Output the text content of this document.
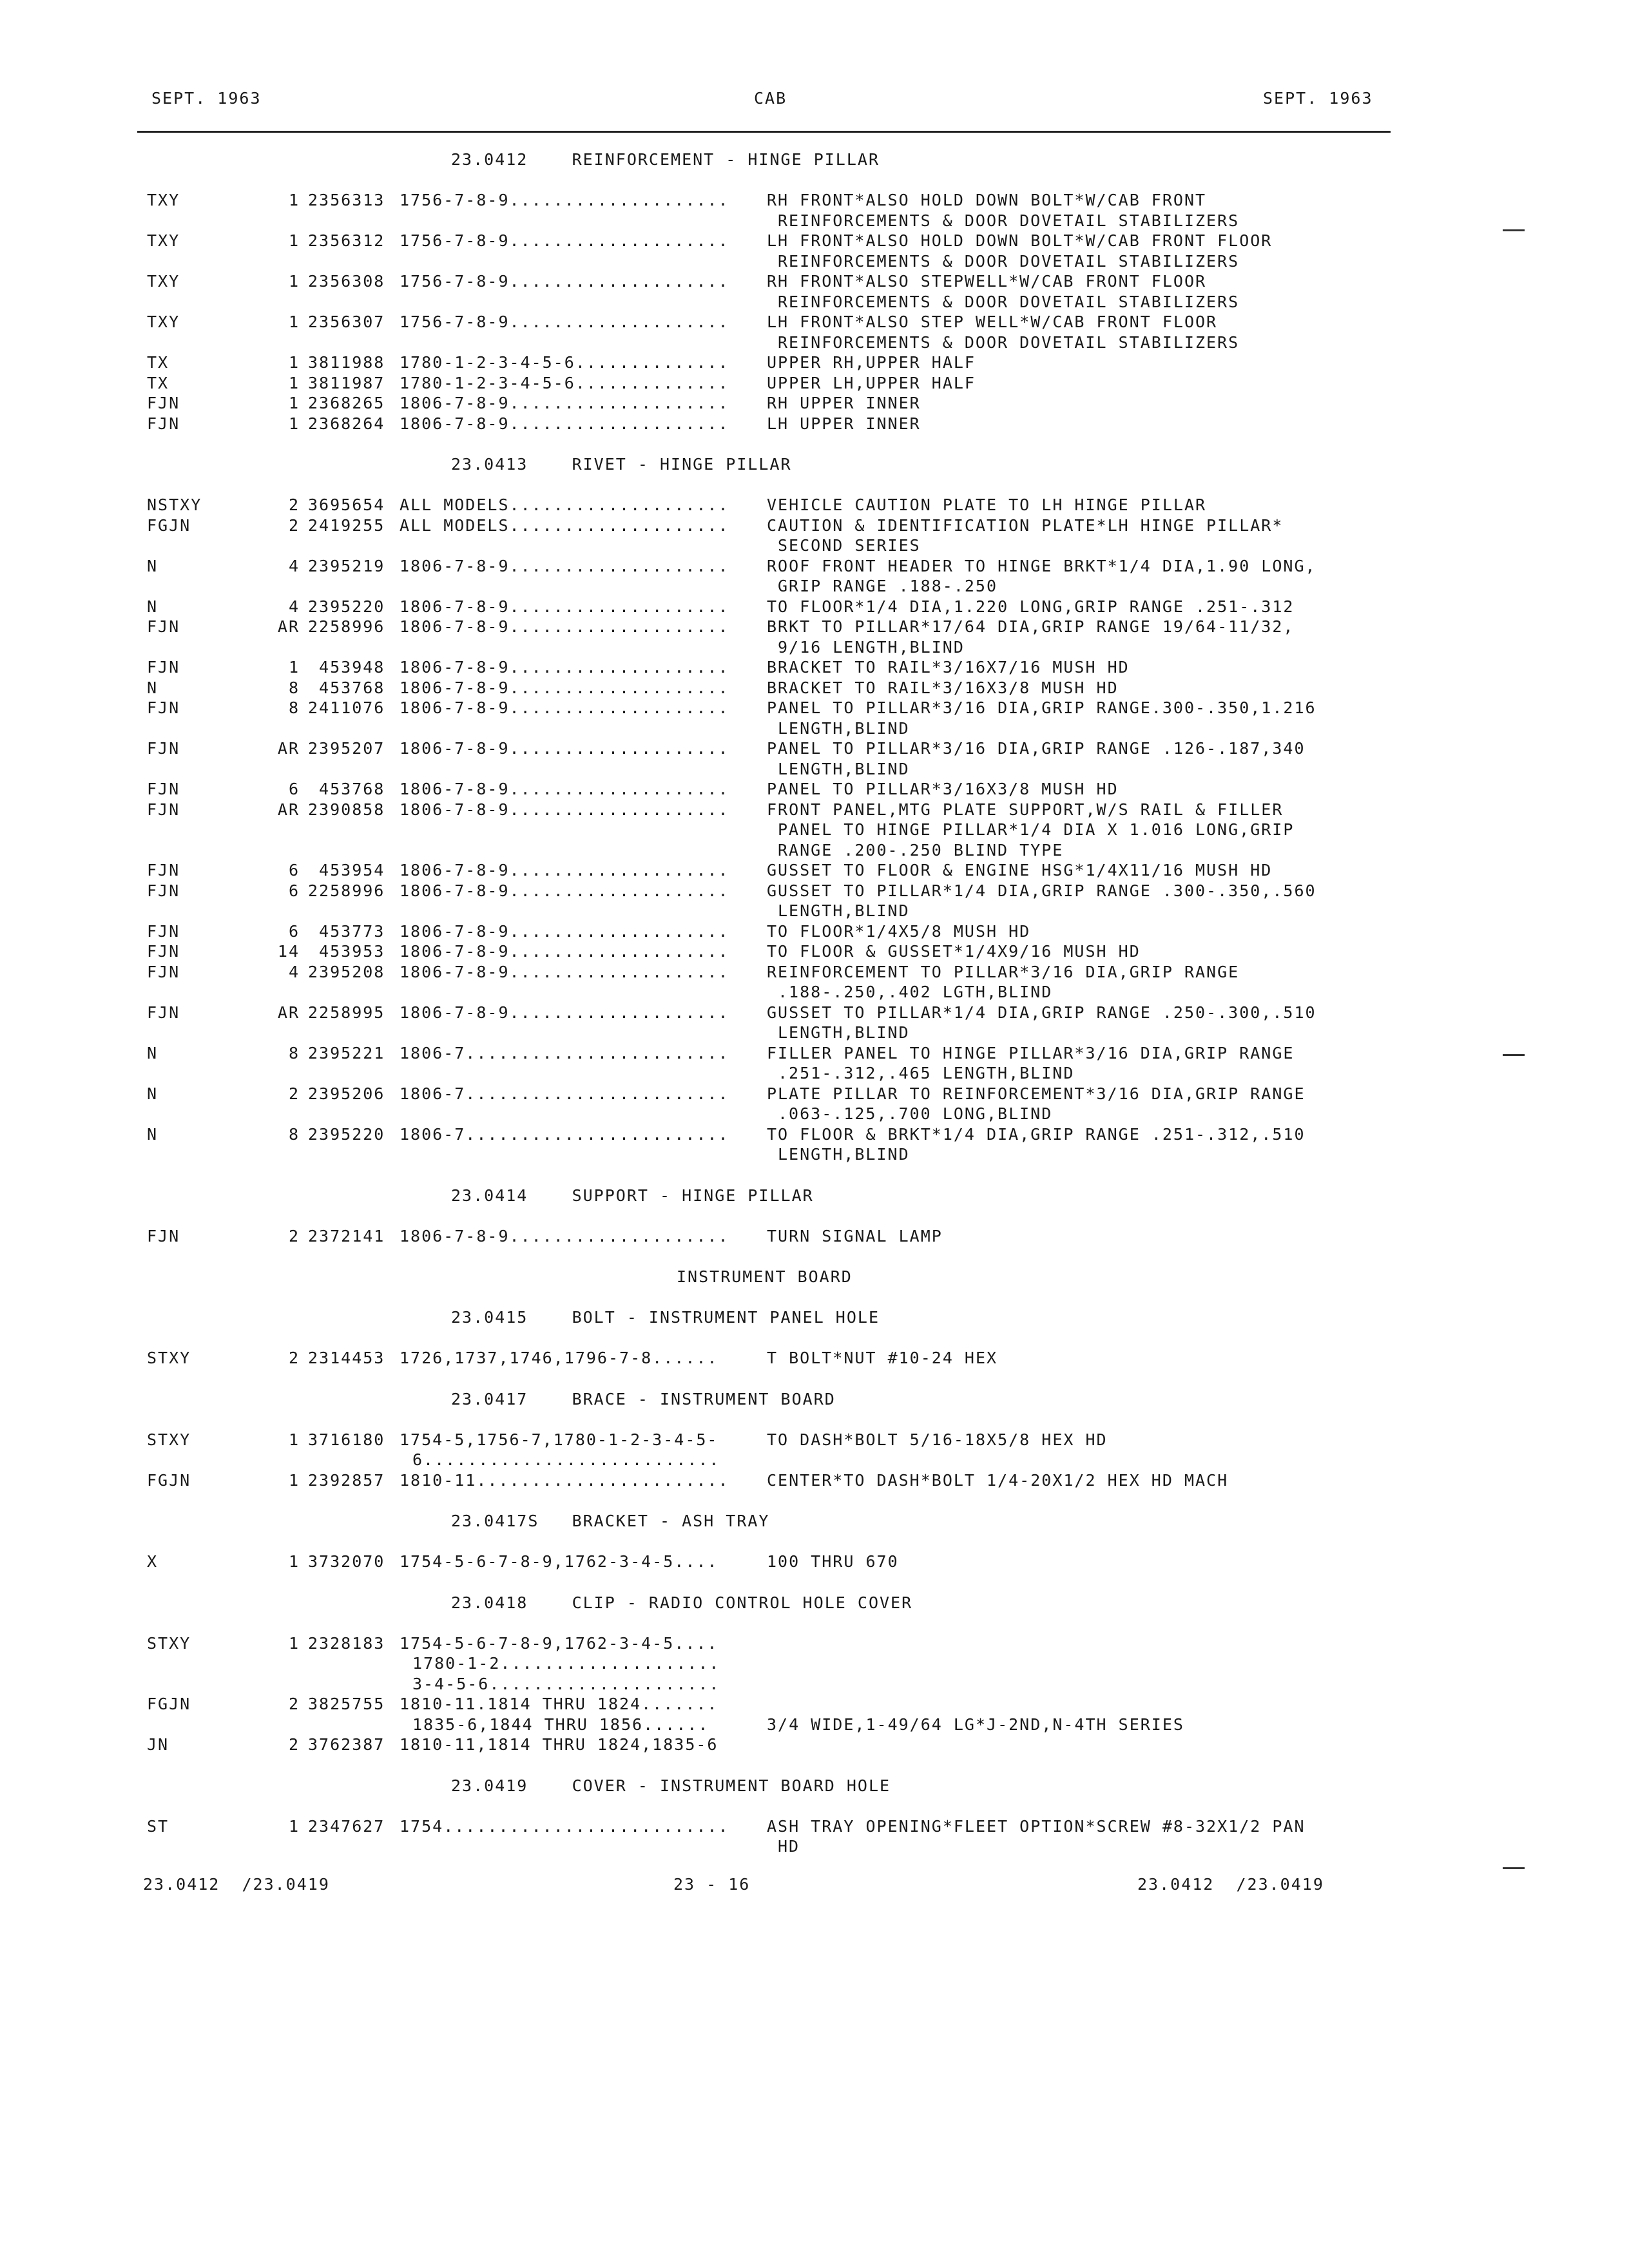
SEPT. 1963	CAB	SEPT. 1963
23.0412    REINFORCEMENT - HINGE PILLAR
TXY	1 2356313 1756-7-8-9.................... RH FRONT*ALSO HOLD DOWN BOLT*W/CAB FRONT
REINFORCEMENTS & DOOR DOVETAIL STABILIZERS
TXY	1 2356312 1756-7-8-9.................... LH FRONT*ALSO HOLD DOWN BOLT*W/CAB FRONT FLOOR
REINFORCEMENTS & DOOR DOVETAIL STABILIZERS
TXY	1 2356308 1756-7-8-9.................... RH FRONT*ALSO STEPWELL*W/CAB FRONT FLOOR
REINFORCEMENTS & DOOR DOVETAIL STABILIZERS
TXY	1 2356307 1756-7-8-9.................... LH FRONT*ALSO STEP WELL*W/CAB FRONT FLOOR
REINFORCEMENTS & DOOR DOVETAIL STABILIZERS
TX	1 3811988 1780-1-2-3-4-5-6.............. UPPER RH,UPPER HALF
TX	1 3811987 1780-1-2-3-4-5-6.............. UPPER LH,UPPER HALF
FJN	1 2368265 1806-7-8-9.................... RH UPPER INNER
FJN	1 2368264 1806-7-8-9.................... LH UPPER INNER
23.0413    RIVET - HINGE PILLAR
NSTXY	2 3695654 ALL MODELS.................... VEHICLE CAUTION PLATE TO LH HINGE PILLAR
FGJN	2 2419255 ALL MODELS.................... CAUTION & IDENTIFICATION PLATE*LH HINGE PILLAR*
SECOND SERIES
N	4 2395219 1806-7-8-9.................... ROOF FRONT HEADER TO HINGE BRKT*1/4 DIA,1.90 LONG,
GRIP RANGE .188-.250
N	4 2395220 1806-7-8-9.................... TO FLOOR*1/4 DIA,1.220 LONG,GRIP RANGE .251-.312
FJN	AR 2258996 1806-7-8-9.................... BRKT TO PILLAR*17/64 DIA,GRIP RANGE 19/64-11/32,
9/16 LENGTH,BLIND
FJN	1 453948 1806-7-8-9.................... BRACKET TO RAIL*3/16X7/16 MUSH HD
N	8 453768 1806-7-8-9.................... BRACKET TO RAIL*3/16X3/8 MUSH HD
FJN	8 2411076 1806-7-8-9.................... PANEL TO PILLAR*3/16 DIA,GRIP RANGE.300-.350,1.216
LENGTH,BLIND
FJN	AR 2395207 1806-7-8-9.................... PANEL TO PILLAR*3/16 DIA,GRIP RANGE .126-.187,340
LENGTH,BLIND
FJN	6 453768 1806-7-8-9.................... PANEL TO PILLAR*3/16X3/8 MUSH HD
FJN	AR 2390858 1806-7-8-9.................... FRONT PANEL,MTG PLATE SUPPORT,W/S RAIL & FILLER
PANEL TO HINGE PILLAR*1/4 DIA X 1.016 LONG,GRIP
RANGE .200-.250 BLIND TYPE
FJN	6 453954 1806-7-8-9.................... GUSSET TO FLOOR & ENGINE HSG*1/4X11/16 MUSH HD
FJN	6 2258996 1806-7-8-9.................... GUSSET TO PILLAR*1/4 DIA,GRIP RANGE .300-.350,.560
LENGTH,BLIND
FJN	6 453773 1806-7-8-9.................... TO FLOOR*1/4X5/8 MUSH HD
FJN	14 453953 1806-7-8-9.................... TO FLOOR & GUSSET*1/4X9/16 MUSH HD
FJN	4 2395208 1806-7-8-9.................... REINFORCEMENT TO PILLAR*3/16 DIA,GRIP RANGE
.188-.250,.402 LGTH,BLIND
FJN	AR 2258995 1806-7-8-9.................... GUSSET TO PILLAR*1/4 DIA,GRIP RANGE .250-.300,.510
LENGTH,BLIND
N	8 2395221 1806-7........................ FILLER PANEL TO HINGE PILLAR*3/16 DIA,GRIP RANGE
.251-.312,.465 LENGTH,BLIND
N	2 2395206 1806-7........................ PLATE PILLAR TO REINFORCEMENT*3/16 DIA,GRIP RANGE
.063-.125,.700 LONG,BLIND
N	8 2395220 1806-7........................ TO FLOOR & BRKT*1/4 DIA,GRIP RANGE .251-.312,.510
LENGTH,BLIND
23.0414    SUPPORT - HINGE PILLAR
FJN	2 2372141 1806-7-8-9.................... TURN SIGNAL LAMP
INSTRUMENT BOARD
23.0415    BOLT - INSTRUMENT PANEL HOLE
STXY	2 2314453 1726,1737,1746,1796-7-8......	T BOLT*NUT #10-24 HEX
23.0417    BRACE - INSTRUMENT BOARD
STXY	1 3716180 1754-5,1756-7,1780-1-2-3-4-5-	TO DASH*BOLT 5/16-18X5/8 HEX HD
6...........................
FGJN	1 2392857 1810-11....................... CENTER*TO DASH*BOLT 1/4-20X1/2 HEX HD MACH
23.0417S   BRACKET - ASH TRAY
X	1 3732070 1754-5-6-7-8-9,1762-3-4-5....	100 THRU 670
23.0418    CLIP - RADIO CONTROL HOLE COVER
STXY	1 2328183 1754-5-6-7-8-9,1762-3-4-5....
1780-1-2....................
3-4-5-6.....................
FGJN	2 3825755 1810-11.1814 THRU 1824.......
1835-6,1844 THRU 1856......	3/4 WIDE,1-49/64 LG*J-2ND,N-4TH SERIES
JN	2 3762387 1810-11,1814 THRU 1824,1835-6
23.0419    COVER - INSTRUMENT BOARD HOLE
ST	1 2347627 1754.......................... ASH TRAY OPENING*FLEET OPTION*SCREW #8-32X1/2 PAN
HD
23.0412  /23.0419	23 - 16	23.0412  /23.0419
